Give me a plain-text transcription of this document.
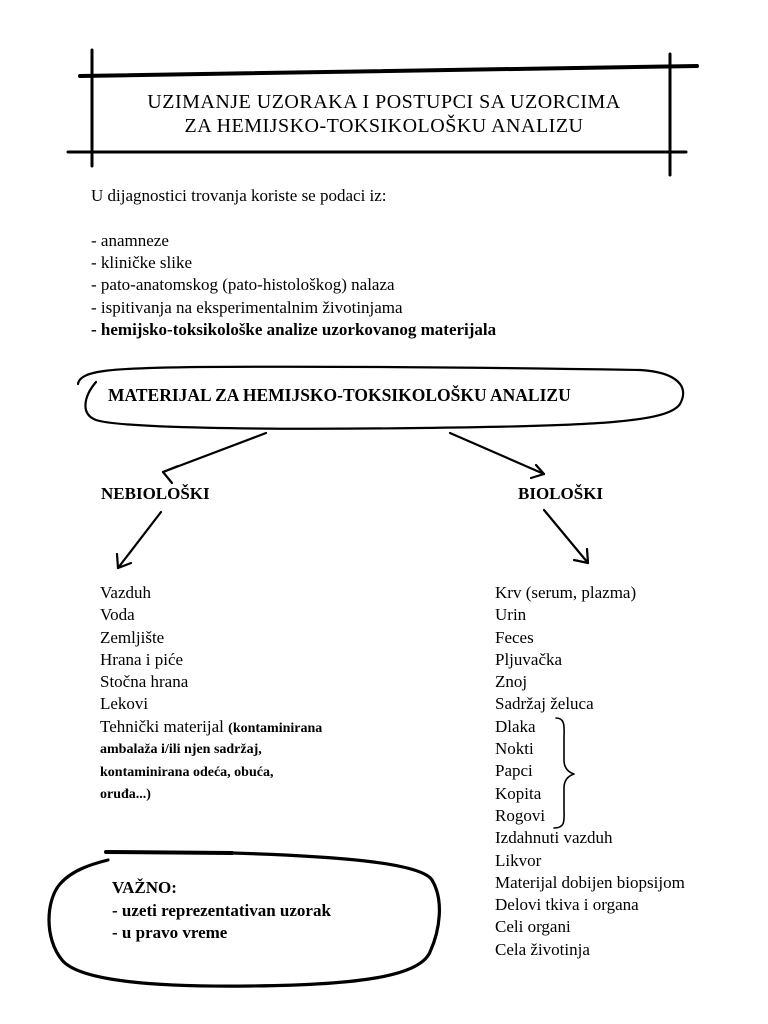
UZIMANJE UZORAKA I POSTUPCI SA UZORCIMA
ZA HEMIJSKO-TOKSIKOLOŠKU ANALIZU
U dijagnostici trovanja koriste se podaci iz:
- anamneze
- kliničke slike
- pato-anatomskog (pato-histološkog) nalaza
- ispitivanja na eksperimentalnim životinjama
- hemijsko-toksikološke analize uzorkovanog materijala
MATERIJAL ZA HEMIJSKO-TOKSIKOLOŠKU ANALIZU
NEBIOLOŠKI	BIOLOŠKI
Vazduh
Voda
Zemljište
Hrana i piće
Stočna hrana
Lekovi
Tehnički materijal (kontaminirana
ambalaža i/ili njen sadržaj,
kontaminirana odeća, obuća,
oruđa...)
Krv (serum, plazma)
Urin
Feces
Pljuvačka
Znoj
Sadržaj želuca
Dlaka
Nokti
Papci
Kopita
Rogovi
Izdahnuti vazduh
Likvor
Materijal dobijen biopsijom
Delovi tkiva i organa
Celi organi
Cela životinja
VAŽNO:
- uzeti reprezentativan uzorak
- u pravo vreme
